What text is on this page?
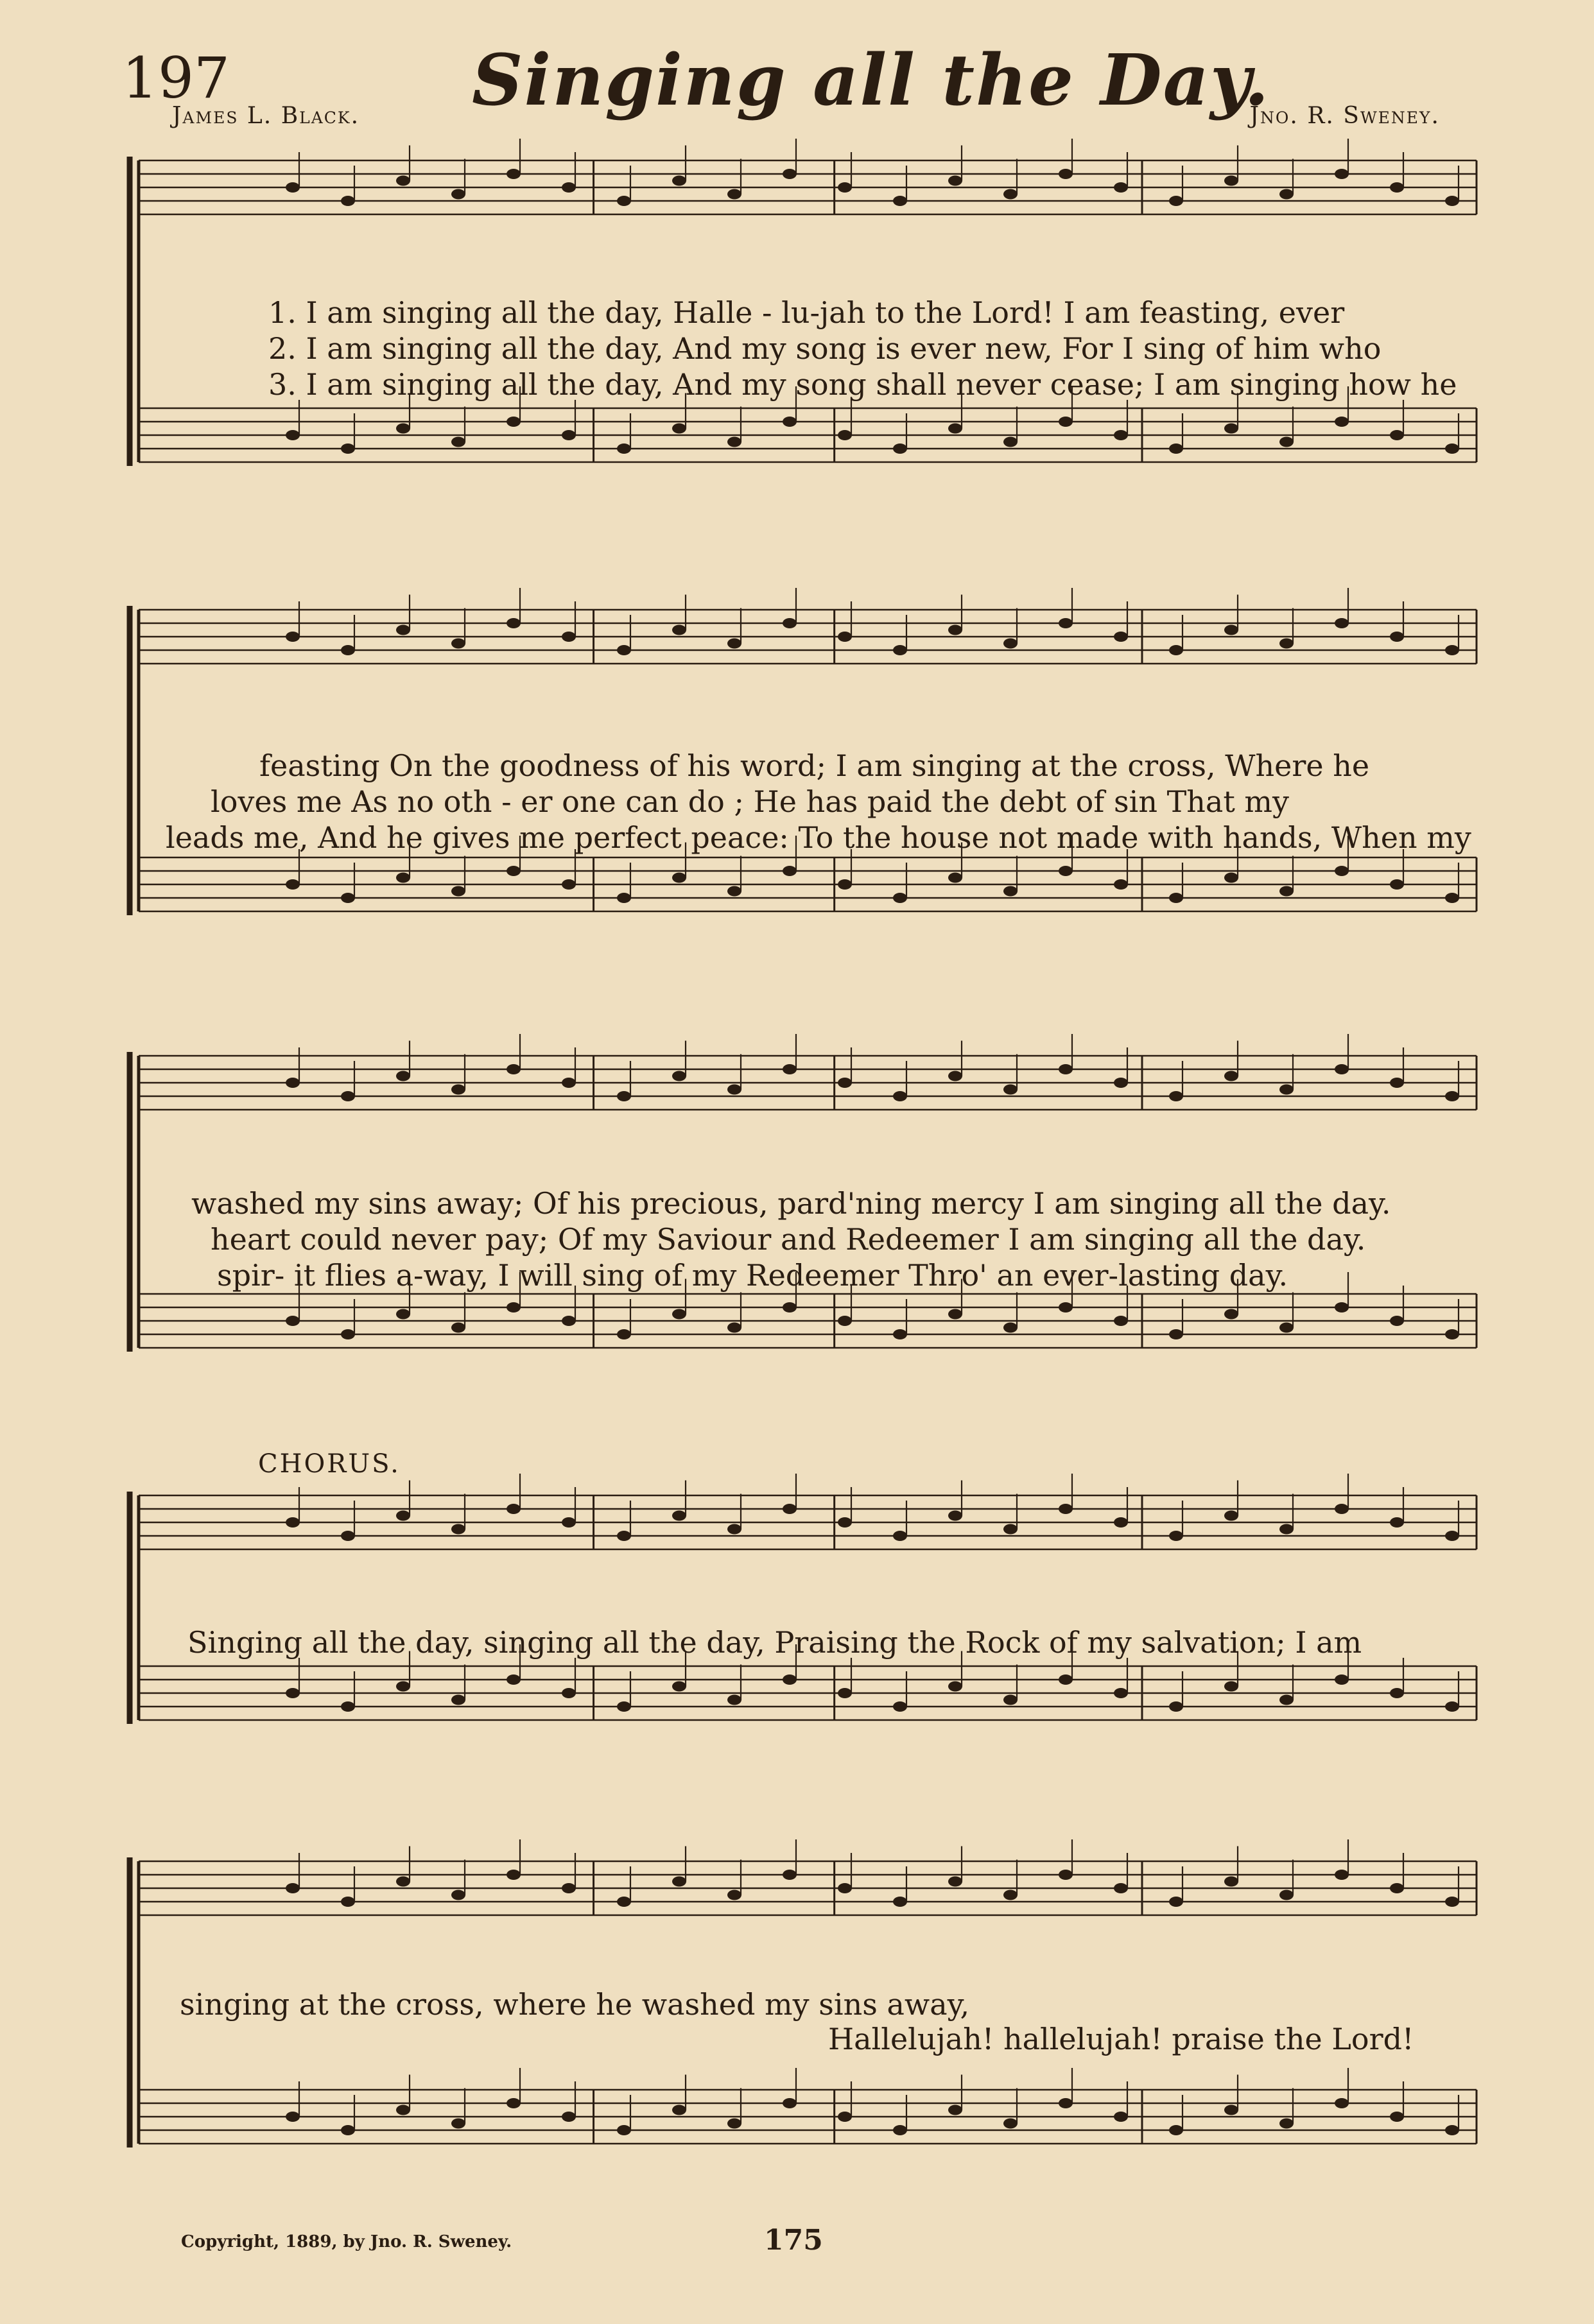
197	Singing all the Day.
James L. Black.	Jno. R. Sweney.
1. I am singing all the day, Halle - lu-jah to the Lord! I am feasting, ever
2. I am singing all the day, And my song is ever new, For I sing of him who
3. I am singing all the day, And my song shall never cease; I am singing how he
feasting On the goodness of his word; I am singing at the cross, Where he
loves me As no oth - er one can do ; He has paid the debt of sin That my
leads me, And he gives me perfect peace: To the house not made with hands, When my
washed my sins away; Of his precious, pard'ning mercy I am singing all the day.
heart could never pay; Of my Saviour and Redeemer I am singing all the day.
spir- it flies a-way, I will sing of my Redeemer Thro' an ever-lasting day.
CHORUS.
Singing all the day, singing all the day, Praising the Rock of my salvation; I am
singing at the cross, where he washed my sins away,
Hallelujah! hallelujah! praise the Lord!
Copyright, 1889, by Jno. R. Sweney.	175
